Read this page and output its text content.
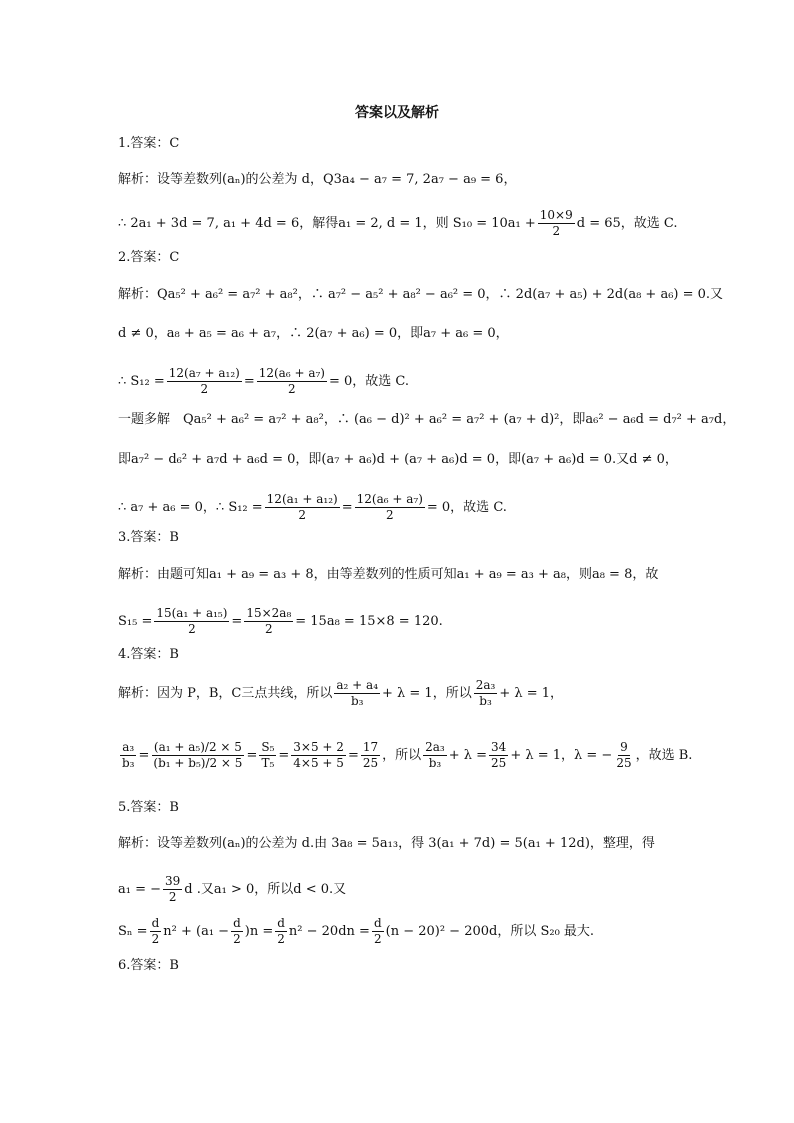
答案以及解析
1.答案：C
解析：设等差数列(aₙ)的公差为 d，Q3a₄ − a₇ = 7, 2a₇ − a₉ = 6，
∴ 2a₁ + 3d = 7, a₁ + 4d = 6，解得a₁ = 2, d = 1，则 $S_{10} = 10a_1 + \frac{10\times 9}{2}$ d = 65，故选 C.
2.答案：C
解析：Qa₅² + a₆² = a₇² + a₈²，∴ a₇² − a₅² + a₈² − a₆² = 0，∴ 2d(a₇ + a₅) + 2d(a₈ + a₆) = 0.又
d ≠ 0，a₈ + a₅ = a₆ + a₇，∴ 2(a₇ + a₆) = 0，即a₇ + a₆ = 0，
∴ $S_{12} = \frac{\text{12(a₇ + a₁₂)}}{2} = \frac{\text{12(a₆ + a₇)}}{2} = 0$，故选 C.
一题多解　Qa₅² + a₆² = a₇² + a₈²，∴ (a₆ − d)² + a₆² = a₇² + (a₇ + d)²，即a₆² − a₆d = d₇² + a₇d，
即a₇² − d₆² + a₇d + a₆d = 0，即(a₇ + a₆)d + (a₇ + a₆)d = 0，即(a₇ + a₆)d = 0.又d ≠ 0，
∴ a₇ + a₆ = 0，∴ $S_{12} = \frac{\text{12(a₁ + a₁₂)}}{2} = \frac{\text{12(a₆ + a₇)}}{2} = 0$，故选 C.
3.答案：B
解析：由题可知a₁ + a₉ = a₃ + 8，由等差数列的性质可知a₁ + a₉ = a₃ + a₈，则a₈ = 8，故
$S_{15} = \frac{\text{15(a₁ + a₁₅)}}{2} = \frac{\text{15×2a₈}}{2} = 15a_8 = 15\times 8 = 120$.
4.答案：B
解析：因为 P，B，C三点共线，所以 $\frac{\text{a₂ + a₄}}{\text{b₃}} + \lambda = 1$，所以 $\frac{\text{2a₃}}{\text{b₃}} + \lambda = 1$，
$\frac{\text{a₃}}{\text{b₃}} = \frac{\text{(a₁ + a₅)/2 × 5}}{\text{(b₁ + b₅)/2 × 5}} = \frac{\text{S₅}}{\text{T₅}} = \frac{3\times 5 + 2}{4\times 5 + 5} = \frac{17}{25}$ ，所以 $\frac{\text{2a₃}}{\text{b₃}} + \lambda = \frac{34}{25} + \lambda = 1$，λ = − $\frac{9}{25}$ ，故选 B.
5.答案：B
解析：设等差数列(aₙ)的公差为 d.由 3a₈ = 5a₁₃，得 3(a₁ + 7d) = 5(a₁ + 12d)，整理，得
a₁ = − $\frac{39}{2}$ d .又a₁ > 0，所以d < 0.又
$S_n = \frac{d}{2} n^2 + (a_1 - \frac{d}{2} )n = \frac{d}{2} n^2 - 20dn = \frac{d}{2} (n - 20)^2 - 200d$，所以 S₂₀ 最大.
6.答案：B
